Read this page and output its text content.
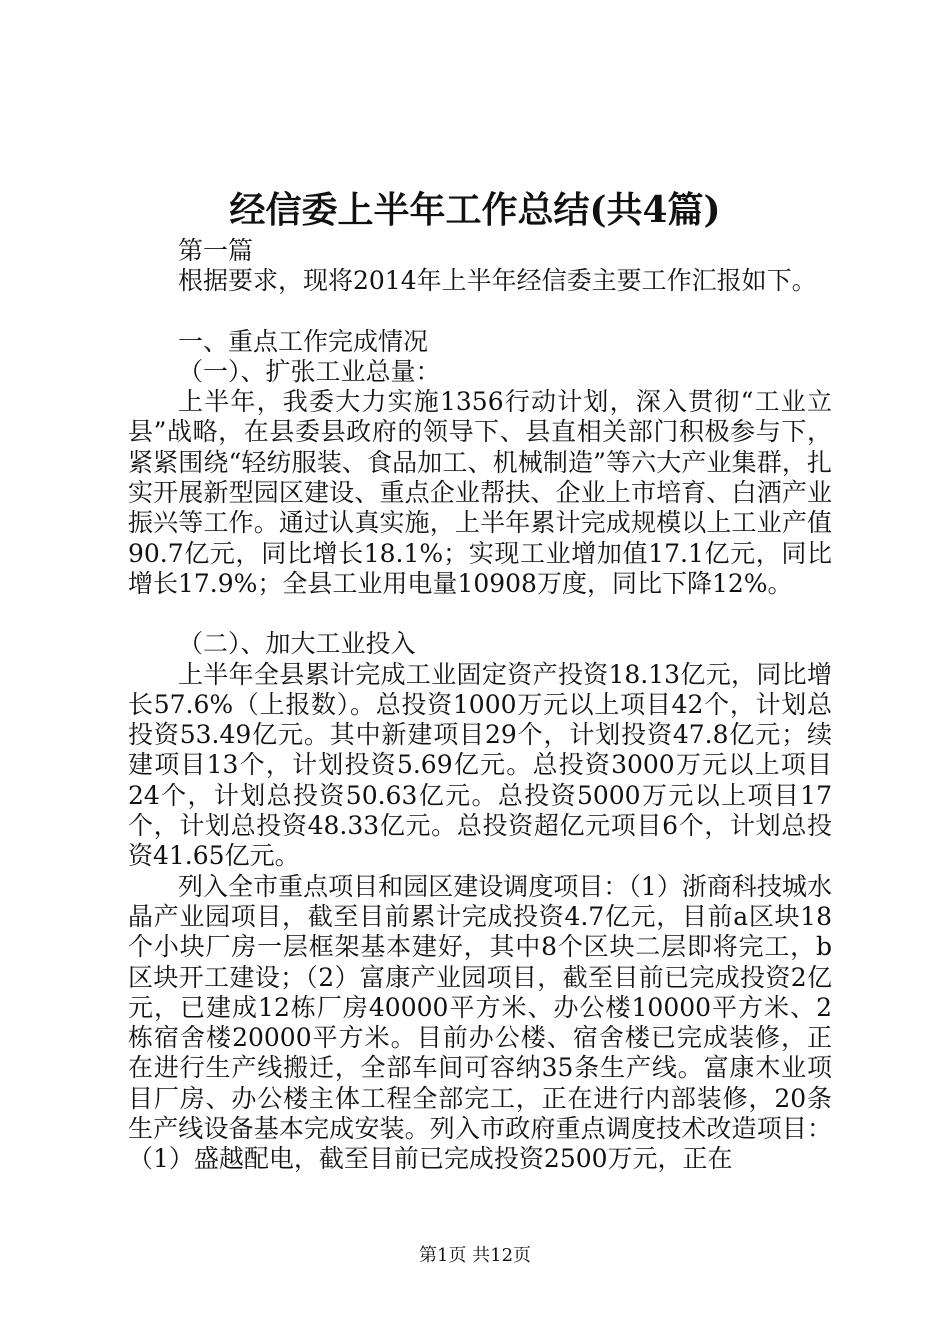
经信委上半年工作总结(共4篇)

第一篇

根据要求，现将2014年上半年经信委主要工作汇报如下。

一、重点工作完成情况

（一）、扩张工业总量：

上半年，我委大力实施1356行动计划，深入贯彻“工业立县”战略，在县委县政府的领导下、县直相关部门积极参与下，紧紧围绕“轻纺服装、食品加工、机械制造”等六大产业集群，扎实开展新型园区建设、重点企业帮扶、企业上市培育、白酒产业振兴等工作。通过认真实施，上半年累计完成规模以上工业产值90.7亿元，同比增长18.1%；实现工业增加值17.1亿元，同比增长17.9%；全县工业用电量10908万度，同比下降12%。

（二）、加大工业投入

上半年全县累计完成工业固定资产投资18.13亿元，同比增长57.6%（上报数）。总投资1000万元以上项目42个，计划总投资53.49亿元。其中新建项目29个，计划投资47.8亿元；续建项目13个，计划投资5.69亿元。总投资3000万元以上项目24个，计划总投资50.63亿元。总投资5000万元以上项目17个，计划总投资48.33亿元。总投资超亿元项目6个，计划总投资41.65亿元。

列入全市重点项目和园区建设调度项目：（1）浙商科技城水晶产业园项目，截至目前累计完成投资4.7亿元，目前a区块18个小块厂房一层框架基本建好，其中8个区块二层即将完工，b区块开工建设；（2）富康产业园项目，截至目前已完成投资2亿元，已建成12栋厂房40000平方米、办公楼10000平方米、2栋宿舍楼20000平方米。目前办公楼、宿舍楼已完成装修，正在进行生产线搬迁，全部车间可容纳35条生产线。富康木业项目厂房、办公楼主体工程全部完工，正在进行内部装修，20条生产线设备基本完成安装。列入市政府重点调度技术改造项目：（1）盛越配电，截至目前已完成投资2500万元，正在

第1页 共12页
